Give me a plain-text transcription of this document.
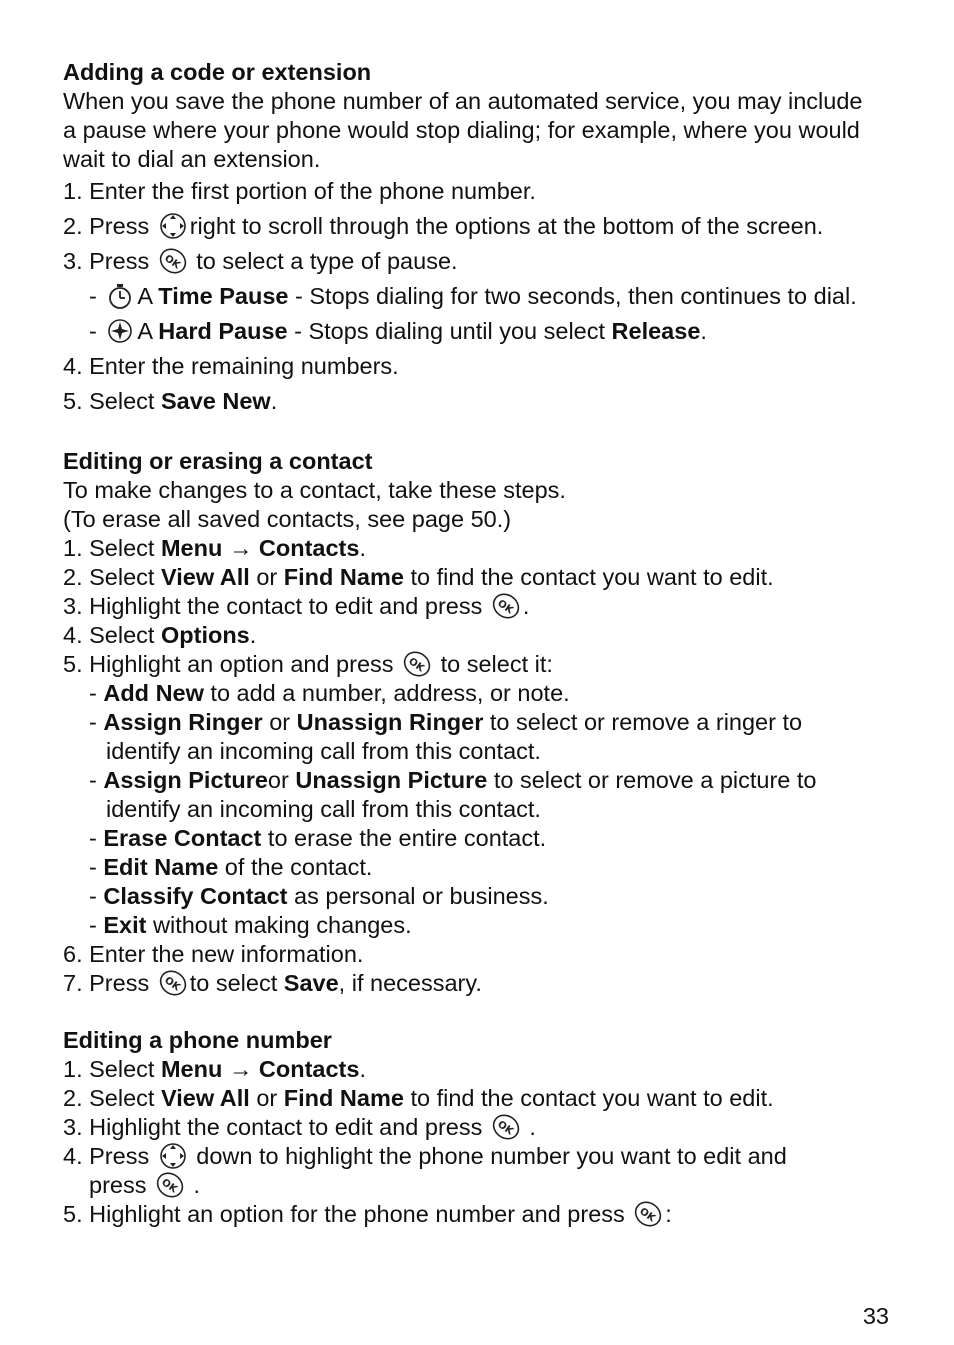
Adding a code or extension
When you save the phone number of an automated service, you may include
a pause where your phone would stop dialing; for example, where you would
wait to dial an extension.
1. Enter the first portion of the phone number.
2. Press
right to scroll through the options at the bottom of the screen.
3. Press
to select a type of pause.
-
A Time Pause - Stops dialing for two seconds, then continues to dial.
-
A Hard Pause - Stops dialing until you select Release.
4. Enter the remaining numbers.
5. Select Save New.
Editing or erasing a contact
To make changes to a contact, take these steps.
(To erase all saved contacts, see page 50.)
1. Select Menu → Contacts.
2. Select View All or Find Name to find the contact you want to edit.
3. Highlight the contact to edit and press
.
4. Select Options.
5. Highlight an option and press
to select it:
- Add New to add a number, address, or note.
- Assign Ringer or Unassign Ringer to select or remove a ringer to
identify an incoming call from this contact.
- Assign Pictureor Unassign Picture to select or remove a picture to
identify an incoming call from this contact.
- Erase Contact to erase the entire contact.
- Edit Name of the contact.
- Classify Contact as personal or business.
- Exit without making changes.
6. Enter the new information.
7. Press
to select Save, if necessary.
Editing a phone number
1. Select Menu → Contacts.
2. Select View All or Find Name to find the contact you want to edit.
3. Highlight the contact to edit and press
.
4. Press
down to highlight the phone number you want to edit and
press
.
5. Highlight an option for the phone number and press
:
33
